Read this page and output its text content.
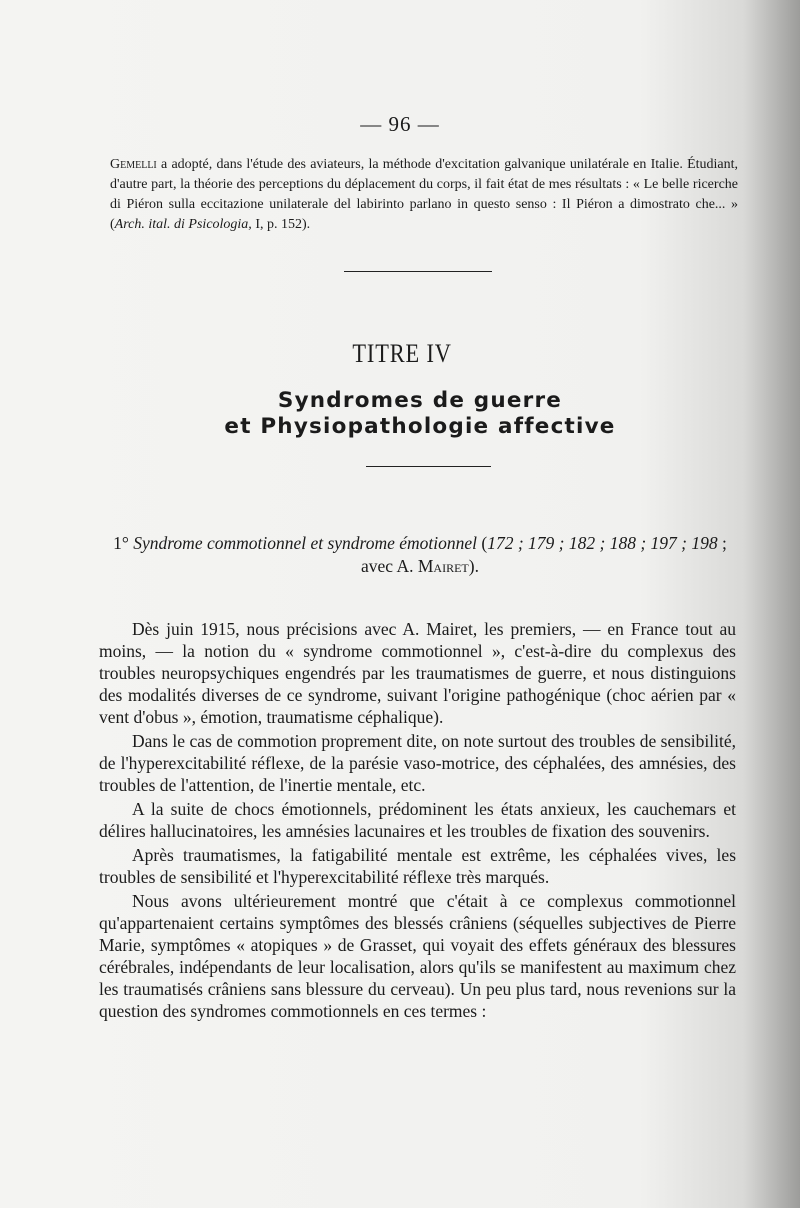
— 96 —
Gemelli a adopté, dans l'étude des aviateurs, la méthode d'excitation galvanique unilatérale en Italie. Étudiant, d'autre part, la théorie des perceptions du déplacement du corps, il fait état de mes résultats : « Le belle ricerche di Piéron sulla eccitazione unilaterale del labirinto parlano in questo senso : Il Piéron a dimostrato che... » (Arch. ital. di Psicologia, I, p. 152).
TITRE IV
Syndromes de guerre
et Physiopathologie affective
1° Syndrome commotionnel et syndrome émotionnel (172 ; 179 ; 182 ; 188 ; 197 ; 198 ; avec A. Mairet).

Dès juin 1915, nous précisions avec A. Mairet, les premiers, — en France tout au moins, — la notion du « syndrome commotionnel », c'est-à-dire du complexus des troubles neuropsychiques engendrés par les traumatismes de guerre, et nous distinguions des modalités diverses de ce syndrome, suivant l'origine pathogénique (choc aérien par « vent d'obus », émotion, traumatisme céphalique).

Dans le cas de commotion proprement dite, on note surtout des troubles de sensibilité, de l'hyperexcitabilité réflexe, de la parésie vaso-motrice, des céphalées, des amnésies, des troubles de l'attention, de l'inertie mentale, etc.

A la suite de chocs émotionnels, prédominent les états anxieux, les cauchemars et délires hallucinatoires, les amnésies lacunaires et les troubles de fixation des souvenirs.

Après traumatismes, la fatigabilité mentale est extrême, les céphalées vives, les troubles de sensibilité et l'hyperexcitabilité réflexe très marqués.

Nous avons ultérieurement montré que c'était à ce complexus commotionnel qu'appartenaient certains symptômes des blessés crâniens (séquelles subjectives de Pierre Marie, symptômes « atopiques » de Grasset, qui voyait des effets généraux des blessures cérébrales, indépendants de leur localisation, alors qu'ils se manifestent au maximum chez les traumatisés crâniens sans blessure du cerveau). Un peu plus tard, nous revenions sur la question des syndromes commotionnels en ces termes :
